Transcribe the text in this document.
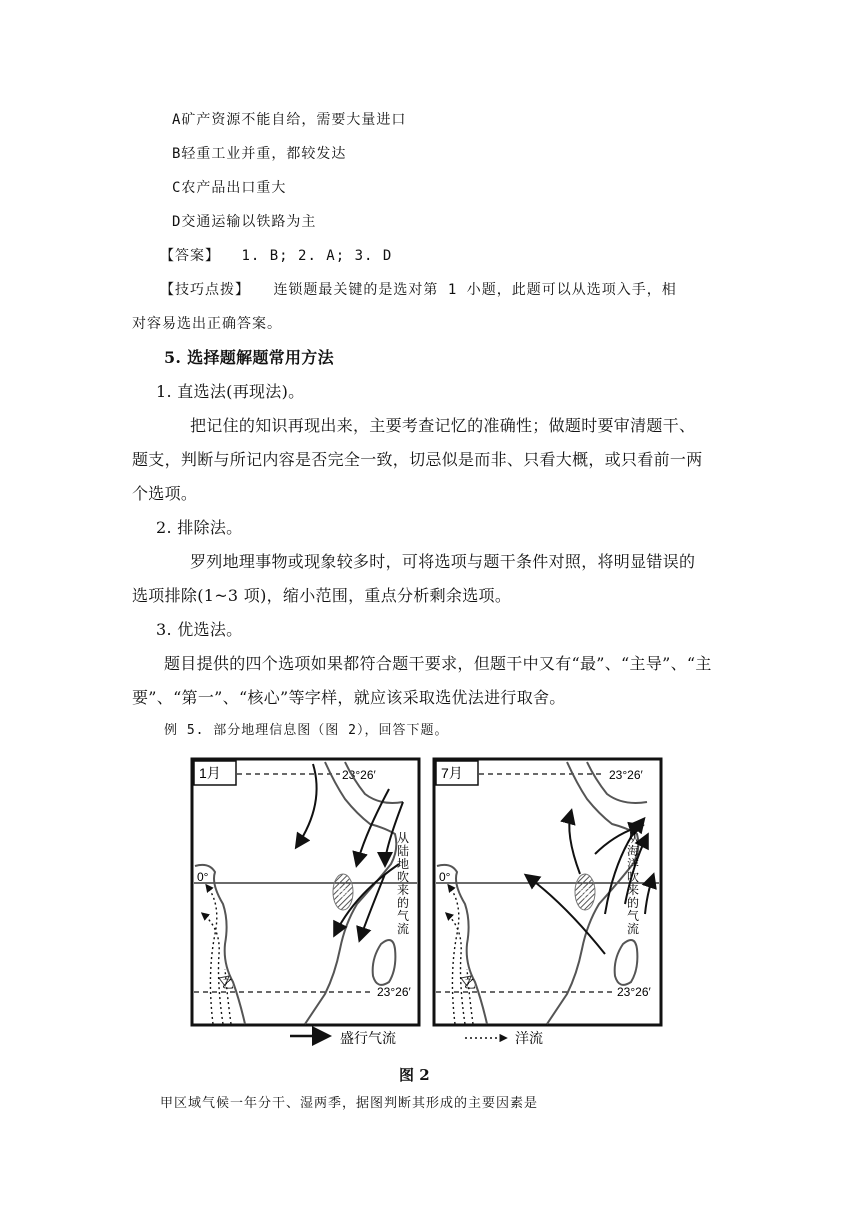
A矿产资源不能自给，需要大量进口
B轻重工业并重，都较发达
C农产品出口重大
D交通运输以铁路为主
【答案】 1. B; 2. A; 3. D
【技巧点拨】 连锁题最关键的是选对第 1 小题，此题可以从选项入手，相
对容易选出正确答案。
5. 选择题解题常用方法
1. 直选法(再现法)。
把记住的知识再现出来，主要考查记忆的准确性；做题时要审清题干、
题支，判断与所记内容是否完全一致，切忌似是而非、只看大概，或只看前一两
个选项。
2. 排除法。
罗列地理事物或现象较多时，可将选项与题干条件对照，将明显错误的
选项排除(1~3 项)，缩小范围，重点分析剩余选项。
3. 优选法。
题目提供的四个选项如果都符合题干要求，但题干中又有“最”、“主导”、“主
要”、“第一”、“核心”等字样，就应该采取选优法进行取舍。
例 5. 部分地理信息图（图 2），回答下题。
1月	23°26′
0°
23°26′
甲
乙
从
陆
地
吹
来
的
气
流
7月	23°26′
0°
23°26′
甲
乙
从
海
洋
吹
来
的
气
流
盛行气流	洋流
图 2
甲区域气候一年分干、湿两季，据图判断其形成的主要因素是
